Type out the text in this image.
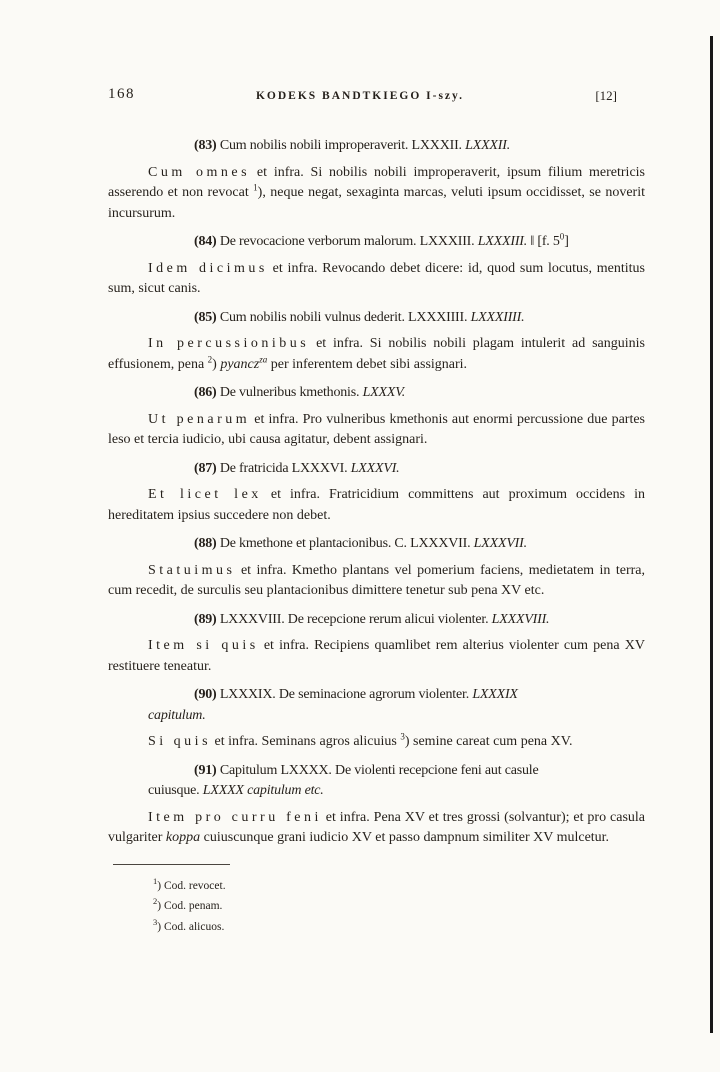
168	KODEKS BANDTKIEGO I-szy.	[12]

(83) Cum nobilis nobili improperaverit. LXXXII. LXXXII.

Cum omnes et infra. Si nobilis nobili improperaverit, ipsum filium meretricis asserendo et non revocat $^1$), neque negat, sexaginta marcas, veluti ipsum occidisset, se noverit incursurum.

(84) De revocacione verborum malorum. LXXXIII. LXXXIII. ‖ [f. $5^0$]

Idem dicimus et infra. Revocando debet dicere: id, quod sum locutus, mentitus sum, sicut canis.

(85) Cum nobilis nobili vulnus dederit. LXXXIIII. LXXXIIII.

In percussionibus et infra. Si nobilis nobili plagam intulerit ad sanguinis effusionem, pena $^2$) pyancz$^{za}$ per inferentem debet sibi assignari.

(86) De vulneribus kmethonis. LXXXV.

Ut penarum et infra. Pro vulneribus kmethonis aut enormi percussione due partes leso et tercia iudicio, ubi causa agitatur, debent assignari.

(87) De fratricida LXXXVI. LXXXVI.

Et licet lex et infra. Fratricidium committens aut proximum occidens in hereditatem ipsius succedere non debet.

(88) De kmethone et plantacionibus. C. LXXXVII. LXXXVII.

Statuimus et infra. Kmetho plantans vel pomerium faciens, medietatem in terra, cum recedit, de surculis seu plantacionibus dimittere tenetur sub pena XV etc.

(89) LXXXVIII. De recepcione rerum alicui violenter. LXXXVIII.

Item si quis et infra. Recipiens quamlibet rem alterius violenter cum pena XV restituere teneatur.

(90) LXXXIX. De seminacione agrorum violenter. LXXXIX
capitulum.

Si quis et infra. Seminans agros alicuius $^3$) semine careat cum pena XV.

(91) Capitulum LXXXX. De violenti recepcione feni aut casule
cuiusque. LXXXX capitulum etc.

Item pro curru feni et infra. Pena XV et tres grossi (solvantur); et pro casula vulgariter koppa cuiuscunque grani iudicio XV et passo dampnum similiter XV mulcetur.

$^1$) Cod. revocet.
$^2$) Cod. penam.
$^3$) Cod. alicuos.
